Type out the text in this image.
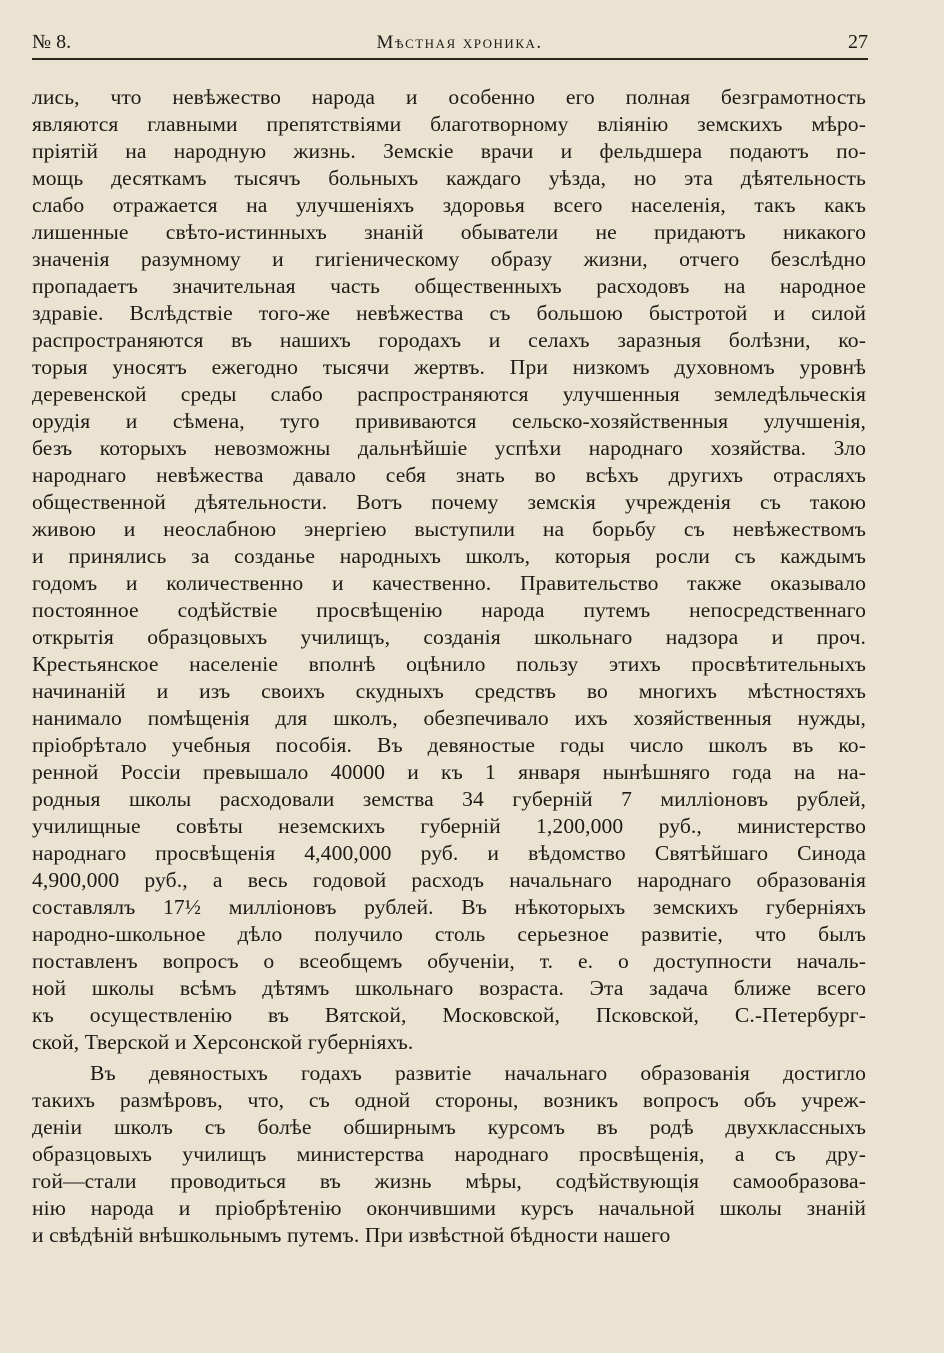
№ 8.	Мѣстная хроника.	27
лись, что невѣжество народа и особенно его полная безграмотность
являются главными препятствіями благотворному вліянію земскихъ мѣро-
пріятій на народную жизнь. Земскіе врачи и фельдшера подаютъ по-
мощь десяткамъ тысячъ больныхъ каждаго уѣзда, но эта дѣятельность
слабо отражается на улучшеніяхъ здоровья всего населенія, такъ какъ
лишенные свѣто-истинныхъ знаній обыватели не придаютъ никакого
значенія разумному и гигіеническому образу жизни, отчего безслѣдно
пропадаетъ значительная часть общественныхъ расходовъ на народное
здравіе. Вслѣдствіе того-же невѣжества съ большою быстротой и силой
распространяются въ нашихъ городахъ и селахъ заразныя болѣзни, ко-
торыя уносятъ ежегодно тысячи жертвъ. При низкомъ духовномъ уровнѣ
деревенской среды слабо распространяются улучшенныя земледѣльческія
орудія и сѣмена, туго прививаются сельско-хозяйственныя улучшенія,
безъ которыхъ невозможны дальнѣйшіе успѣхи народнаго хозяйства. Зло
народнаго невѣжества давало себя знать во всѣхъ другихъ отрасляхъ
общественной дѣятельности. Вотъ почему земскія учрежденія съ такою
живою и неослабною энергіею выступили на борьбу съ невѣжествомъ
и принялись за созданье народныхъ школъ, которыя росли съ каждымъ
годомъ и количественно и качественно. Правительство также оказывало
постоянное содѣйствіе просвѣщенію народа путемъ непосредственнаго
открытія образцовыхъ училищъ, созданія школьнаго надзора и проч.
Крестьянское населеніе вполнѣ оцѣнило пользу этихъ просвѣтительныхъ
начинаній и изъ своихъ скудныхъ средствъ во многихъ мѣстностяхъ
нанимало помѣщенія для школъ, обезпечивало ихъ хозяйственныя нужды,
пріобрѣтало учебныя пособія. Въ девяностые годы число школъ въ ко-
ренной Россіи превышало 40000 и къ 1 января нынѣшняго года на на-
родныя школы расходовали земства 34 губерній 7 милліоновъ рублей,
училищные совѣты неземскихъ губерній 1,200,000 руб., министерство
народнаго просвѣщенія 4,400,000 руб. и вѣдомство Святѣйшаго Синода
4,900,000 руб., а весь годовой расходъ начальнаго народнаго образованія
составлялъ 17½ милліоновъ рублей. Въ нѣкоторыхъ земскихъ губерніяхъ
народно-школьное дѣло получило столь серьезное развитіе, что былъ
поставленъ вопросъ о всеобщемъ обученіи, т. е. о доступности началь-
ной школы всѣмъ дѣтямъ школьнаго возраста. Эта задача ближе всего
къ осуществленію въ Вятской, Московской, Псковской, С.-Петербург-
ской, Тверской и Херсонской губерніяхъ.
Въ девяностыхъ годахъ развитіе начальнаго образованія достигло
такихъ размѣровъ, что, съ одной стороны, возникъ вопросъ объ учреж-
деніи школъ съ болѣе обширнымъ курсомъ въ родѣ двухклассныхъ
образцовыхъ училищъ министерства народнаго просвѣщенія, а съ дру-
гой—стали проводиться въ жизнь мѣры, содѣйствующія самообразова-
нію народа и пріобрѣтенію окончившими курсъ начальной школы знаній
и свѣдѣній внѣшкольнымъ путемъ. При извѣстной бѣдности нашего
